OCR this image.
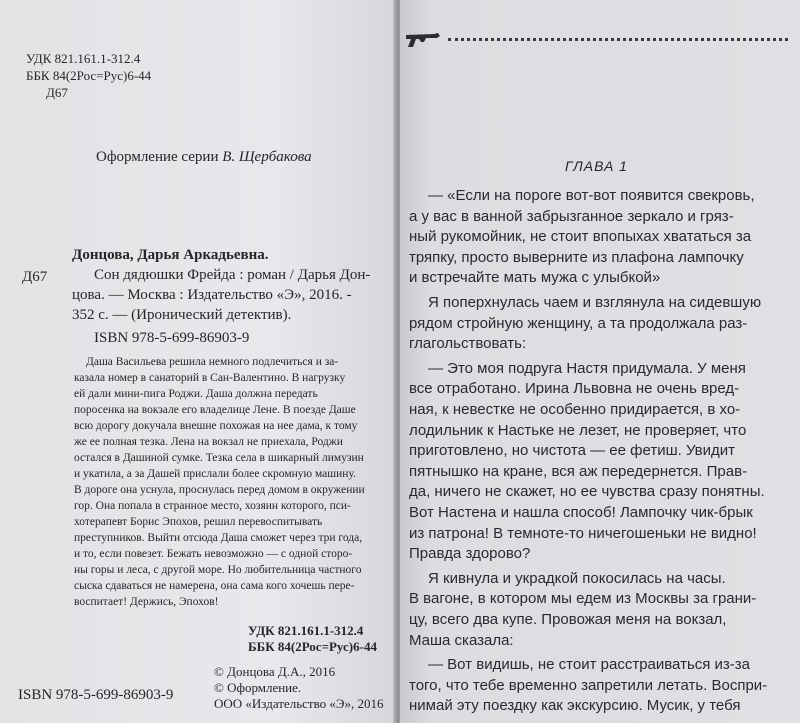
УДК 821.161.1-312.4
ББК 84(2Рос=Рус)6-44
Д67
Оформление серии В. Щербакова
Донцова, Дарья Аркадьевна.
Д67	Сон дядюшки Фрейда : роман / Дарья Дон-
цова. — Москва : Издательство «Э», 2016. -
352 с. — (Иронический детектив).
ISBN 978-5-699-86903-9
Даша Васильева решила немного подлечиться и за-
казала номер в санаторий в Сан-Валентино. В нагрузку
ей дали мини-пига Роджи. Даша должна передать
поросенка на вокзале его владелице Лене. В поезде Даше
всю дорогу докучала внешне похожая на нее дама, к тому
же ее полная тезка. Лена на вокзал не приехала, Роджи
остался в Дашиной сумке. Тезка села в шикарный лимузин
и укатила, а за Дашей прислали более скромную машину.
В дороге она уснула, проснулась перед домом в окружении
гор. Она попала в странное место, хозяин которого, пси-
хотерапевт Борис Эпохов, решил перевоспитывать
преступников. Выйти отсюда Даша сможет через три года,
и то, если повезет. Бежать невозможно — с одной сторо-
ны горы и леса, с другой море. Но любительница частного
сыска сдаваться не намерена, она сама кого хочешь пере-
воспитает! Держись, Эпохов!
УДК 821.161.1-312.4
ББК 84(2Рос=Рус)6-44
© Донцова Д.А., 2016
© Оформление.
ООО «Издательство «Э», 2016
ISBN 978-5-699-86903-9
ГЛАВА 1
— «Если на пороге вот-вот появится свекровь,
а у вас в ванной забрызганное зеркало и гряз-
ный рукомойник, не стоит впопыхах хвататься за
тряпку, просто выверните из плафона лампочку
и встречайте мать мужа с улыбкой»
Я поперхнулась чаем и взглянула на сидевшую
рядом стройную женщину, а та продолжала раз-
глагольствовать:
— Это моя подруга Настя придумала. У меня
все отработано. Ирина Львовна не очень вред-
ная, к невестке не особенно придирается, в хо-
лодильник к Настьке не лезет, не проверяет, что
приготовлено, но чистота — ее фетиш. Увидит
пятнышко на кране, вся аж передернется. Прав-
да, ничего не скажет, но ее чувства сразу понятны.
Вот Настена и нашла способ! Лампочку чик-брык
из патрона! В темноте-то ничегошеньки не видно!
Правда здорово?
Я кивнула и украдкой покосилась на часы.
В вагоне, в котором мы едем из Москвы за грани-
цу, всего два купе. Провожая меня на вокзал,
Маша сказала:
— Вот видишь, не стоит расстраиваться из-за
того, что тебе временно запретили летать. Воспри-
нимай эту поездку как экскурсию. Мусик, у тебя
